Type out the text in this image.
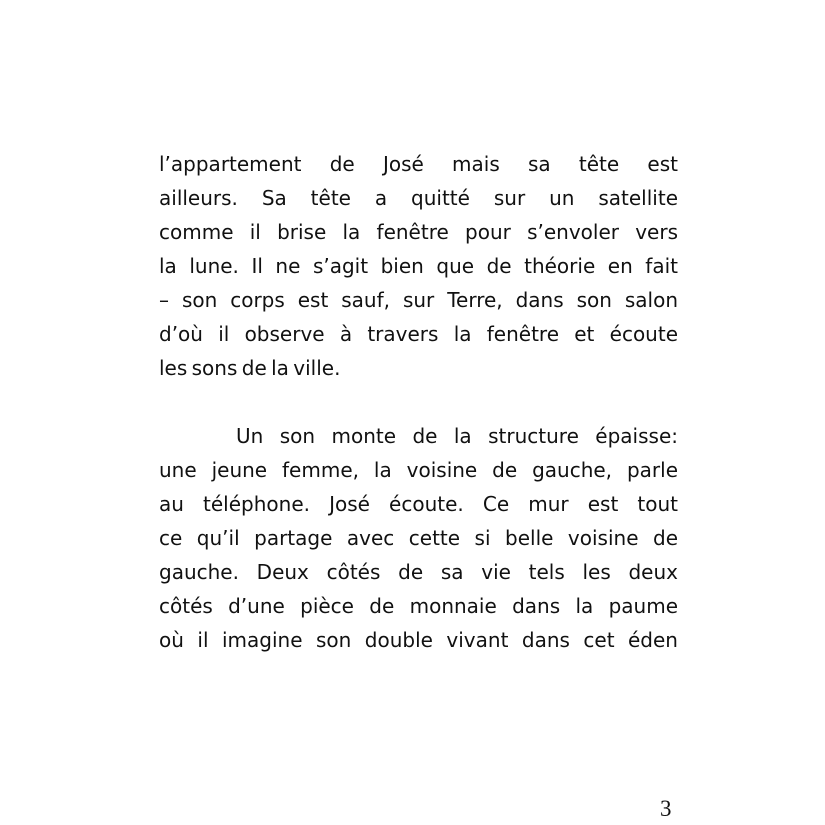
l’appartement de José mais sa tête est
ailleurs. Sa tête a quitté sur un satellite
comme il brise la fenêtre pour s’envoler vers
la lune. Il ne s’agit bien que de théorie en fait
– son corps est sauf, sur Terre, dans son salon
d’où il observe à travers la fenêtre et écoute
les sons de la ville.
Un son monte de la structure épaisse:
une jeune femme, la voisine de gauche, parle
au téléphone. José écoute. Ce mur est tout
ce qu’il partage avec cette si belle voisine de
gauche. Deux côtés de sa vie tels les deux
côtés d’une pièce de monnaie dans la paume
où il imagine son double vivant dans cet éden
3
